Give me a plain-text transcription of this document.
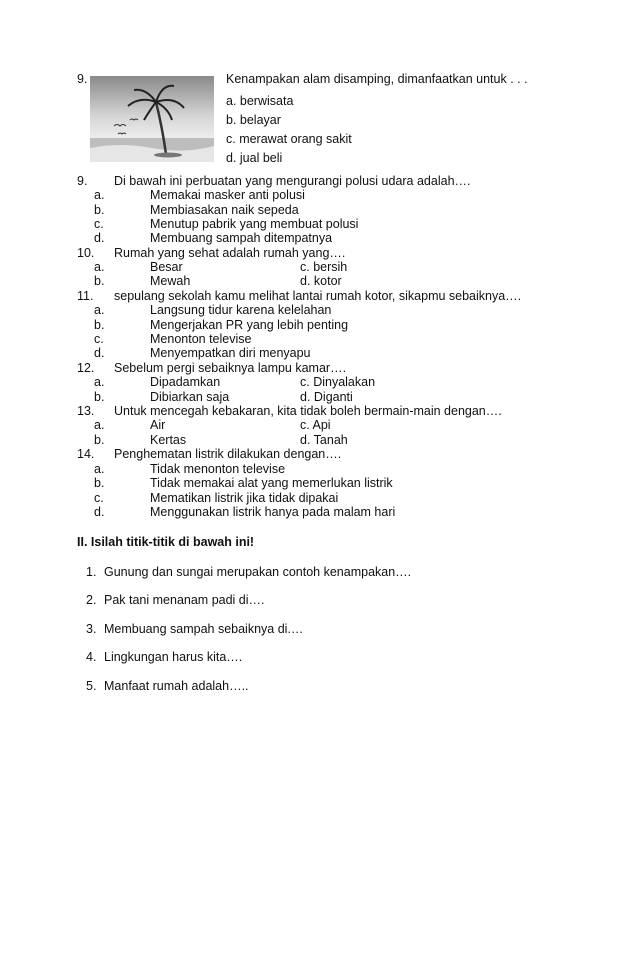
9.	Kenampakan alam disamping, dimanfaatkan untuk . . .
a. berwisata
b. belayar
c. merawat orang sakit
d. jual beli
9. Di bawah ini perbuatan yang mengurangi polusi udara adalah….
a.	Memakai masker anti polusi
b.	Membiasakan naik sepeda
c.	Menutup pabrik yang membuat polusi
d.	Membuang sampah ditempatnya
10. Rumah yang sehat adalah rumah yang….
a.	Besar	c. bersih
b.	Mewah	d. kotor
11. sepulang sekolah kamu melihat lantai rumah kotor, sikapmu sebaiknya….
a.	Langsung tidur karena kelelahan
b.	Mengerjakan PR yang lebih penting
c.	Menonton televise
d.	Menyempatkan diri menyapu
12. Sebelum pergi sebaiknya lampu kamar….
a.	Dipadamkan	c. Dinyalakan
b.	Dibiarkan saja	d. Diganti
13. Untuk mencegah kebakaran, kita tidak boleh bermain-main dengan….
a.	Air	c. Api
b.	Kertas	d. Tanah
14. Penghematan listrik dilakukan dengan….
a.	Tidak menonton televise
b.	Tidak memakai alat yang memerlukan listrik
c.	Mematikan listrik jika tidak dipakai
d.	Menggunakan listrik hanya pada malam hari
II. Isilah titik-titik di bawah ini!
1. Gunung dan sungai merupakan contoh kenampakan….
2. Pak tani menanam padi di….
3. Membuang sampah sebaiknya di.…
4. Lingkungan harus kita….
5. Manfaat rumah adalah…..
